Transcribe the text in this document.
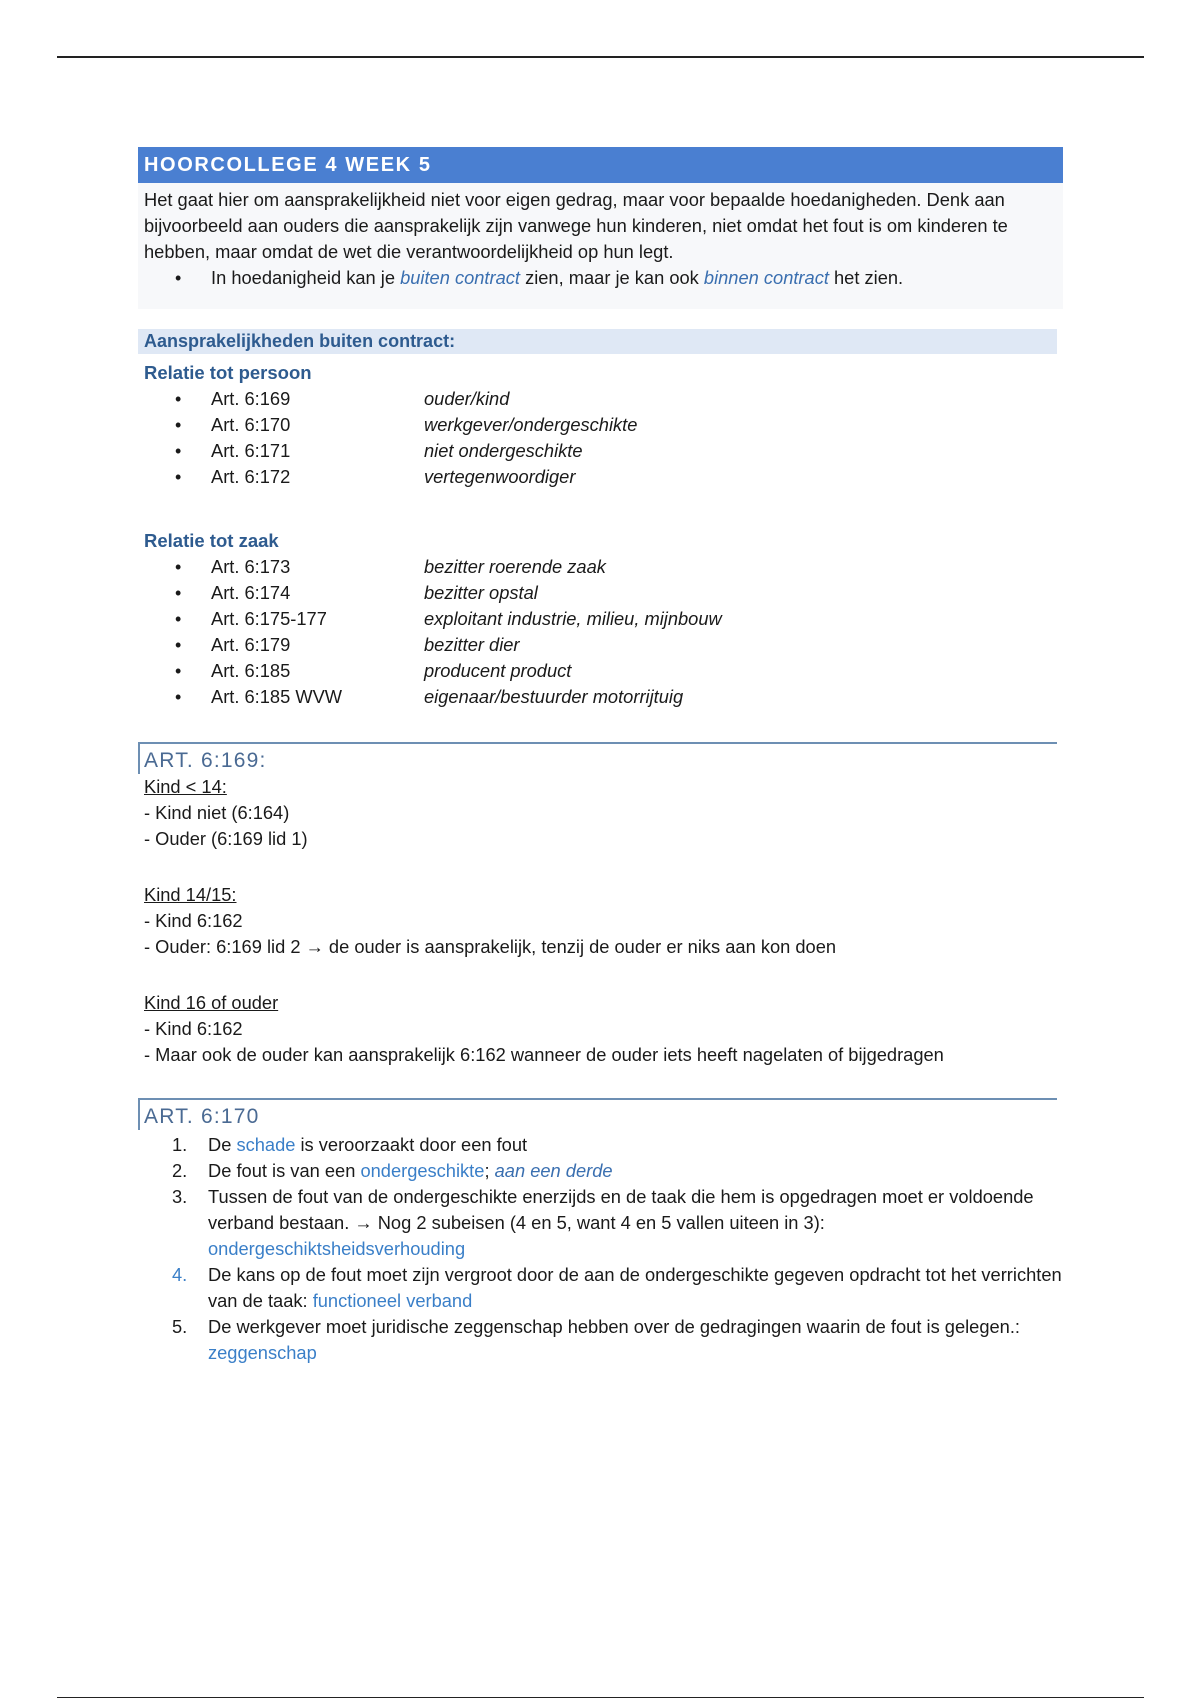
HOORCOLLEGE 4 WEEK 5

Het gaat hier om aansprakelijkheid niet voor eigen gedrag, maar voor bepaalde hoedanigheden. Denk aan bijvoorbeeld aan ouders die aansprakelijk zijn vanwege hun kinderen, niet omdat het fout is om kinderen te hebben, maar omdat de wet die verantwoordelijkheid op hun legt.

• In hoedanigheid kan je buiten contract zien, maar je kan ook binnen contract het zien.
Aansprakelijkheden buiten contract:
Relatie tot persoon
• Art. 6:169	ouder/kind
• Art. 6:170	werkgever/ondergeschikte
• Art. 6:171	niet ondergeschikte
• Art. 6:172	vertegenwoordiger
Relatie tot zaak
• Art. 6:173	bezitter roerende zaak
• Art. 6:174	bezitter opstal
• Art. 6:175-177	exploitant industrie, milieu, mijnbouw
• Art. 6:179	bezitter dier
• Art. 6:185	producent product
• Art. 6:185 WVW	eigenaar/bestuurder motorrijtuig
ART. 6:169:
Kind < 14:
- Kind niet (6:164)
- Ouder (6:169 lid 1)
Kind 14/15:
- Kind 6:162
- Ouder: 6:169 lid 2 → de ouder is aansprakelijk, tenzij de ouder er niks aan kon doen
Kind 16 of ouder
- Kind 6:162
- Maar ook de ouder kan aansprakelijk 6:162 wanneer de ouder iets heeft nagelaten of bijgedragen
ART. 6:170
1. De schade is veroorzaakt door een fout
2. De fout is van een ondergeschikte; aan een derde
3. Tussen de fout van de ondergeschikte enerzijds en de taak die hem is opgedragen moet er voldoende verband bestaan. → Nog 2 subeisen (4 en 5, want 4 en 5 vallen uiteen in 3): ondergeschiktsheidsverhouding
4. De kans op de fout moet zijn vergroot door de aan de ondergeschikte gegeven opdracht tot het verrichten van de taak: functioneel verband
5. De werkgever moet juridische zeggenschap hebben over de gedragingen waarin de fout is gelegen.: zeggenschap
